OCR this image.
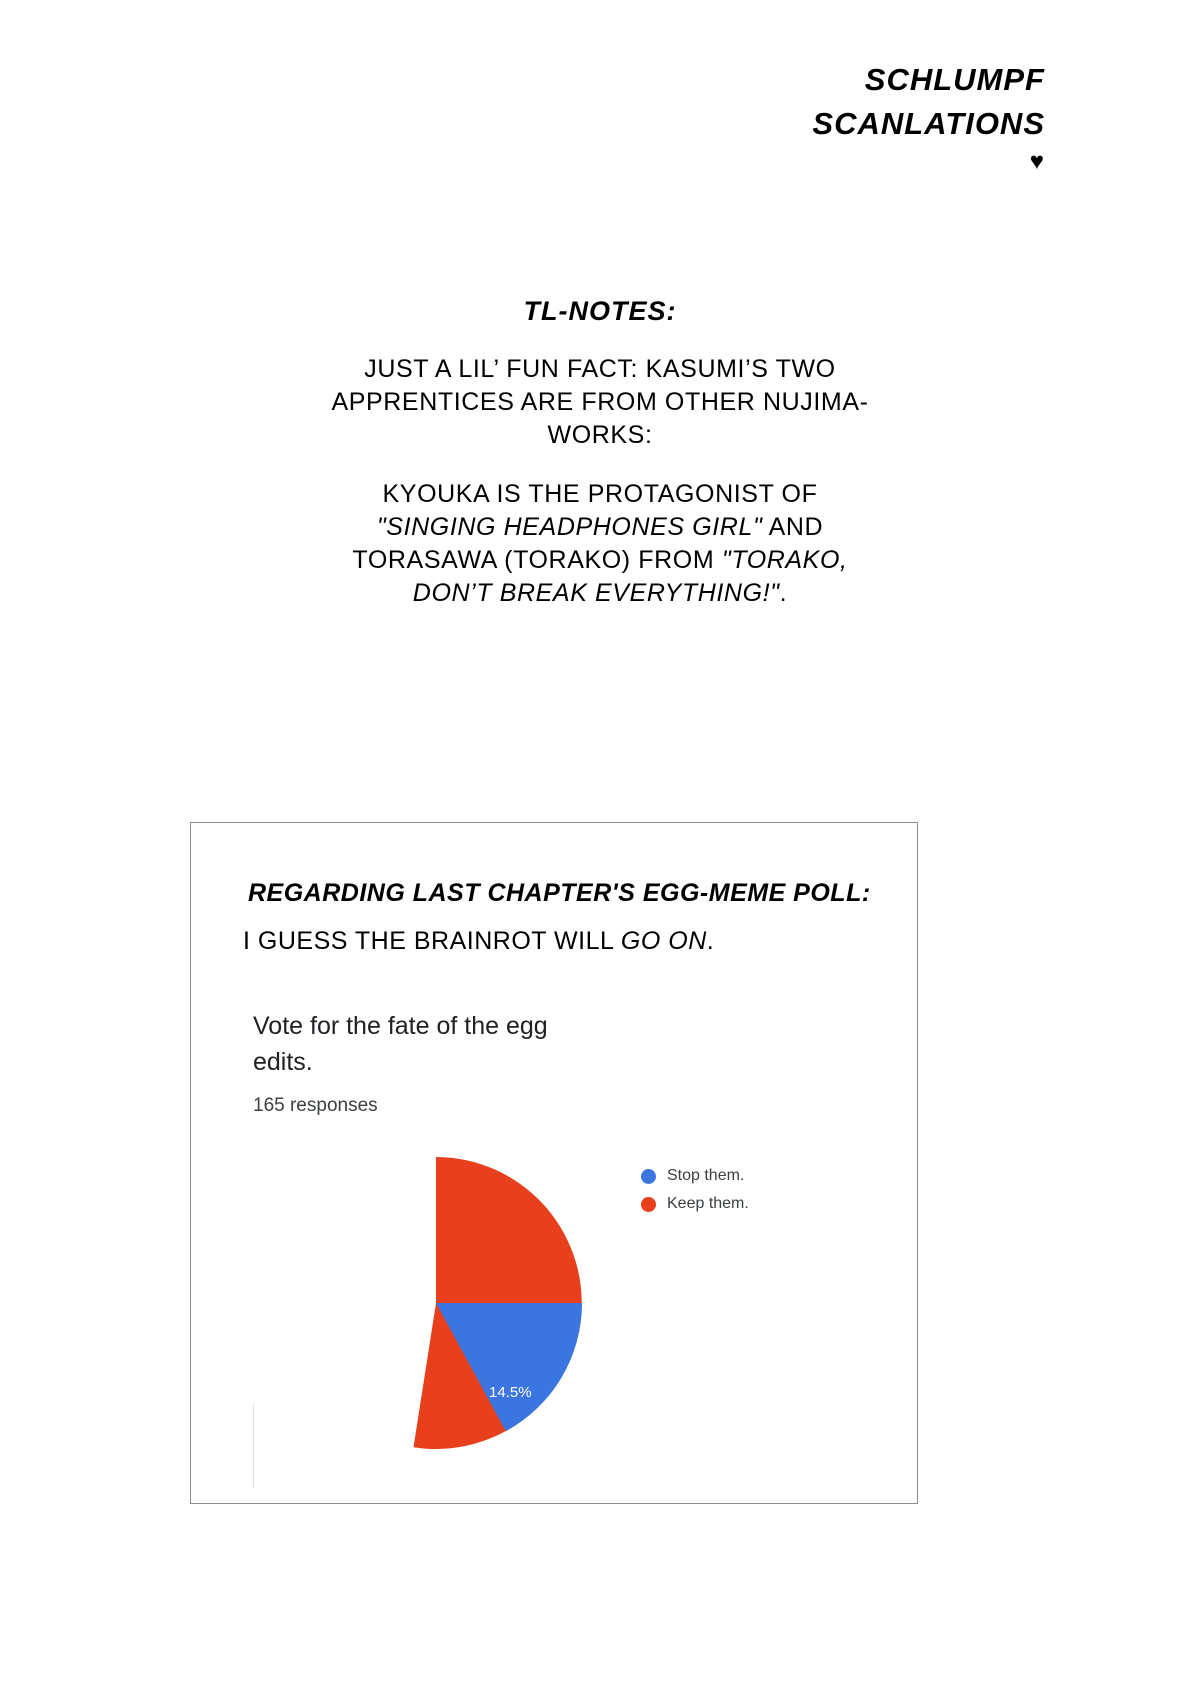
SCHLUMPF
SCANLATIONS
♥
TL-NOTES:
JUST A LIL’ FUN FACT: KASUMI’S TWO APPRENTICES ARE FROM OTHER NUJIMA-WORKS:
KYOUKA IS THE PROTAGONIST OF "SINGING HEADPHONES GIRL" AND TORASAWA (TORAKO) FROM "TORAKO, DON’T BREAK EVERYTHING!".
REGARDING LAST CHAPTER'S EGG-MEME POLL:
I GUESS THE BRAINROT WILL GO ON.
Vote for the fate of the egg edits.
165 responses
85.5%
14.5%
Stop them.
Keep them.
